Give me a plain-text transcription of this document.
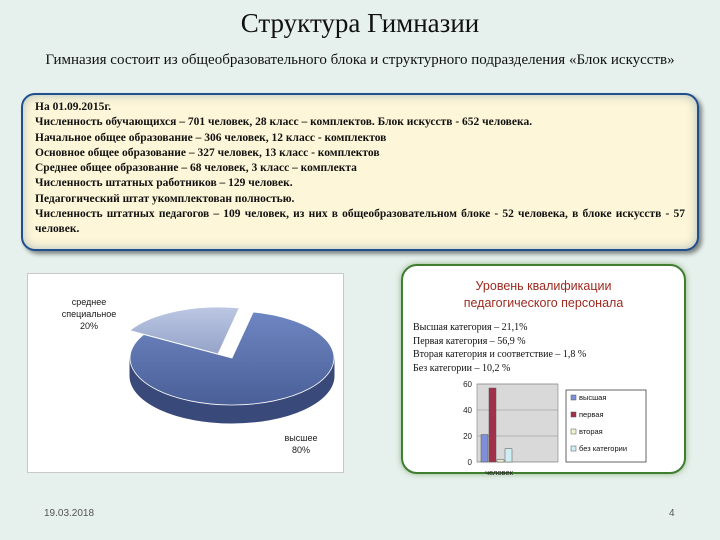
Структура Гимназии
Гимназия состоит из общеобразовательного блока и структурного подразделения «Блок искусств»
На 01.09.2015г.
Численность обучающихся – 701 человек, 28 класс – комплектов. Блок искусств - 652 человека.
Начальное общее образование – 306 человек, 12 класс - комплектов
Основное общее образование – 327 человек, 13 класс - комплектов
Среднее общее образование – 68 человек, 3 класс – комплекта
Численность штатных работников – 129 человек.
Педагогический штат укомплектован полностью.
Численность штатных педагогов – 109 человек, из них в общеобразовательном блоке - 52 человека, в блоке искусств - 57 человек.
среднее
специальное
20%
высшее
80%
Уровень квалификации
педагогического персонала
Высшая категория – 21,1%
Первая категория – 56,9 %
Вторая категория и соответствие – 1,8 %
Без категории – 10,2 %
0
20
40
60
человек
высшая
первая
вторая
без категории
19.03.2018	4
